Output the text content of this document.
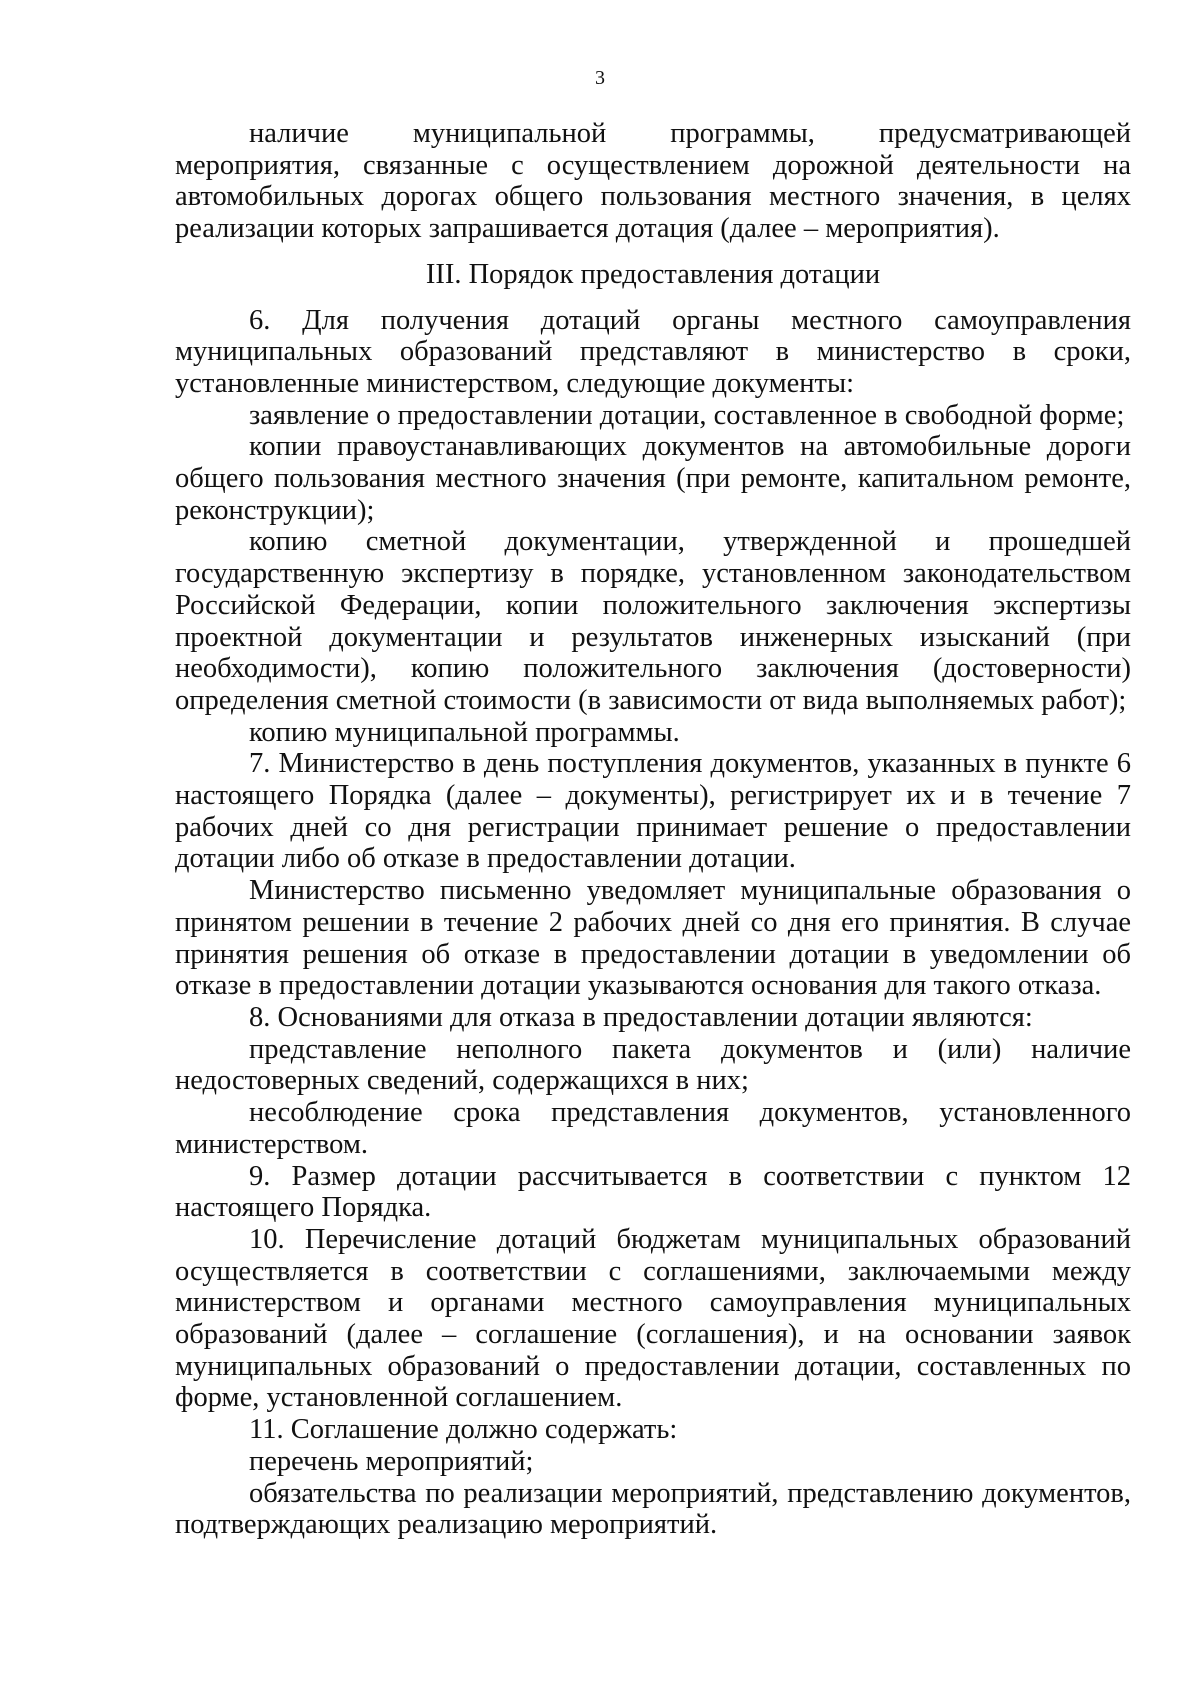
3

наличие муниципальной программы, предусматривающей мероприятия, связанные с осуществлением дорожной деятельности на автомобильных дорогах общего пользования местного значения, в целях реализации которых запрашивается дотация (далее – мероприятия).

III. Порядок предоставления дотации

6. Для получения дотаций органы местного самоуправления муниципальных образований представляют в министерство в сроки, установленные министерством, следующие документы:

заявление о предоставлении дотации, составленное в свободной форме;

копии правоустанавливающих документов на автомобильные дороги общего пользования местного значения (при ремонте, капитальном ремонте, реконструкции);

копию сметной документации, утвержденной и прошедшей государственную экспертизу в порядке, установленном законодательством Российской Федерации, копии положительного заключения экспертизы проектной документации и результатов инженерных изысканий (при необходимости), копию положительного заключения (достоверности) определения сметной стоимости (в зависимости от вида выполняемых работ);

копию муниципальной программы.

7. Министерство в день поступления документов, указанных в пункте 6 настоящего Порядка (далее – документы), регистрирует их и в течение 7 рабочих дней со дня регистрации принимает решение о предоставлении дотации либо об отказе в предоставлении дотации.

Министерство письменно уведомляет муниципальные образования о принятом решении в течение 2 рабочих дней со дня его принятия. В случае принятия решения об отказе в предоставлении дотации в уведомлении об отказе в предоставлении дотации указываются основания для такого отказа.

8. Основаниями для отказа в предоставлении дотации являются:

представление неполного пакета документов и (или) наличие недостоверных сведений, содержащихся в них;

несоблюдение срока представления документов, установленного министерством.

9. Размер дотации рассчитывается в соответствии с пунктом 12 настоящего Порядка.

10. Перечисление дотаций бюджетам муниципальных образований осуществляется в соответствии с соглашениями, заключаемыми между министерством и органами местного самоуправления муниципальных образований (далее – соглашение (соглашения), и на основании заявок муниципальных образований о предоставлении дотации, составленных по форме, установленной соглашением.

11. Соглашение должно содержать:

перечень мероприятий;

обязательства по реализации мероприятий, представлению документов, подтверждающих реализацию мероприятий.
